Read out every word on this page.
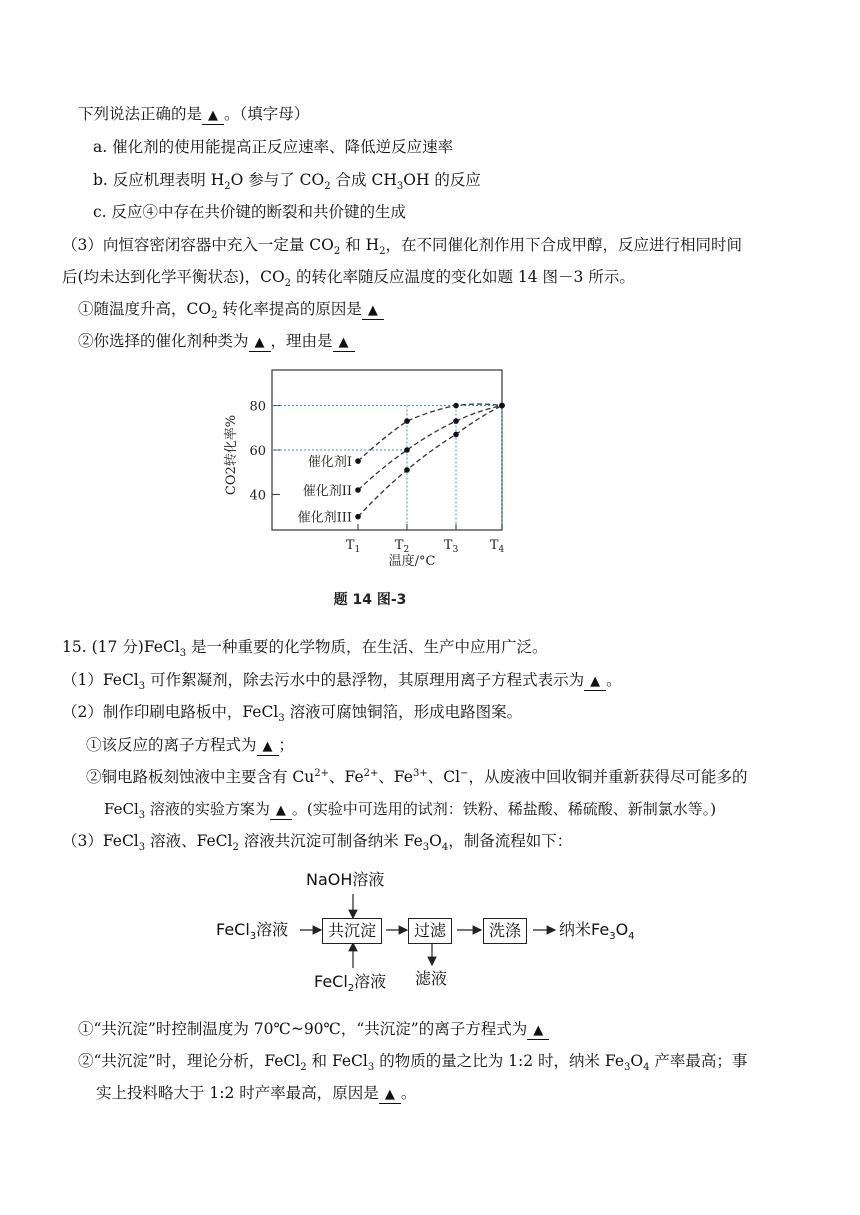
下列说法正确的是 ▲ 。（填字母）
a. 催化剂的使用能提高正反应速率、降低逆反应速率
b. 反应机理表明 $H_2O$ 参与了 $CO_2$ 合成 $CH_3OH$ 的反应
c. 反应④中存在共价键的断裂和共价键的生成
（3）向恒容密闭容器中充入一定量 $CO_2$ 和 $H_2$，在不同催化剂作用下合成甲醇，反应进行相同时间
后(均未达到化学平衡状态)，$CO_2$ 的转化率随反应温度的变化如题 14 图－3 所示。
①随温度升高，$CO_2$ 转化率提高的原因是 ▲
②你选择的催化剂种类为 ▲ ，理由是 ▲
40
60
80
$T_1$	$T_2$	$T_3$ $T_4$
温度/°C
CO2转化率%	催化剂I
催化剂II
催化剂III
题 14 图-3
15. (17 分)FeCl$_3$ 是一种重要的化学物质，在生活、生产中应用广泛。
（1）FeCl$_3$ 可作絮凝剂，除去污水中的悬浮物，其原理用离子方程式表示为 ▲ 。
（2）制作印刷电路板中，FeCl$_3$ 溶液可腐蚀铜箔，形成电路图案。
①该反应的离子方程式为 ▲ ；
②铜电路板刻蚀液中主要含有 $Cu^{2+}$、$Fe^{2+}$、$Fe^{3+}$、Cl−，从废液中回收铜并重新获得尽可能多的
FeCl$_3$ 溶液的实验方案为 ▲ 。(实验中可选用的试剂：铁粉、稀盐酸、稀硫酸、新制氯水等。)
（3）FeCl$_3$ 溶液、FeCl$_2$ 溶液共沉淀可制备纳米 $Fe_3O_4$，制备流程如下：
NaOH溶液
FeCl$_3$溶液	共沉淀	过滤	洗涤	纳米$Fe_3O_4$
FeCl$_2$溶液 滤液
①“共沉淀”时控制温度为 70℃~90℃，“共沉淀”的离子方程式为 ▲
②“共沉淀”时，理论分析，FeCl$_2$ 和 FeCl$_3$ 的物质的量之比为 1:2 时，纳米 $Fe_3O_4$ 产率最高；事
实上投料略大于 1:2 时产率最高，原因是 ▲ 。
